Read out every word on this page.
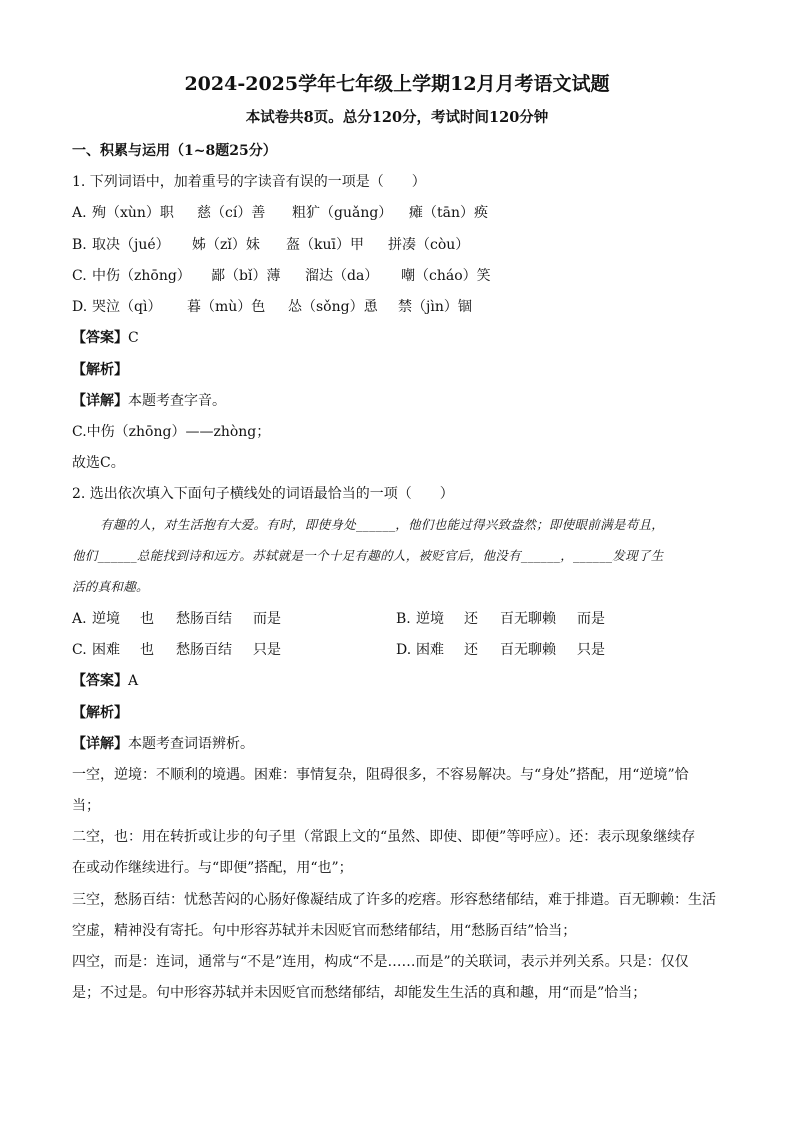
2024-2025学年七年级上学期12月月考语文试题
本试卷共8页。总分120分，考试时间120分钟
一、积累与运用（1~8题25分）
1. 下列词语中，加着重号的字读音有误的一项是（　　）
A. 殉（xùn）职 慈（cí）善 粗犷（guǎng） 瘫（tān）痪
B. 取决（jué） 姊（zǐ）妹 盔（kuī）甲 拼凑（còu）
C. 中伤（zhōng） 鄙（bǐ）薄 溜达（da） 嘲（cháo）笑
D. 哭泣（qì） 暮（mù）色 怂（sǒng）恿 禁（jìn）锢
【答案】C
【解析】
【详解】本题考查字音。
C.中伤（zhōng）——zhòng；
故选C。
2. 选出依次填入下面句子横线处的词语最恰当的一项（　　）
有趣的人，对生活抱有大爱。有时，即使身处______，他们也能过得兴致盎然；即使眼前满是苟且，
他们______总能找到诗和远方。苏轼就是一个十足有趣的人，被贬官后，他没有______，______发现了生
活的真和趣。
A. 逆境 也 愁肠百结 而是	B. 逆境 还 百无聊赖 而是
C. 困难 也 愁肠百结 只是	D. 困难 还 百无聊赖 只是
【答案】A
【解析】
【详解】本题考查词语辨析。
一空，逆境：不顺利的境遇。困难：事情复杂，阻碍很多，不容易解决。与“身处”搭配，用“逆境”恰
当；
二空，也：用在转折或让步的句子里（常跟上文的“虽然、即使、即便”等呼应）。还：表示现象继续存
在或动作继续进行。与“即便”搭配，用“也”；
三空，愁肠百结：忧愁苦闷的心肠好像凝结成了许多的疙瘩。形容愁绪郁结，难于排遣。百无聊赖：生活
空虚，精神没有寄托。句中形容苏轼并未因贬官而愁绪郁结，用“愁肠百结”恰当；
四空，而是：连词，通常与“不是”连用，构成“不是……而是”的关联词，表示并列关系。只是：仅仅
是；不过是。句中形容苏轼并未因贬官而愁绪郁结，却能发生生活的真和趣，用“而是”恰当；
